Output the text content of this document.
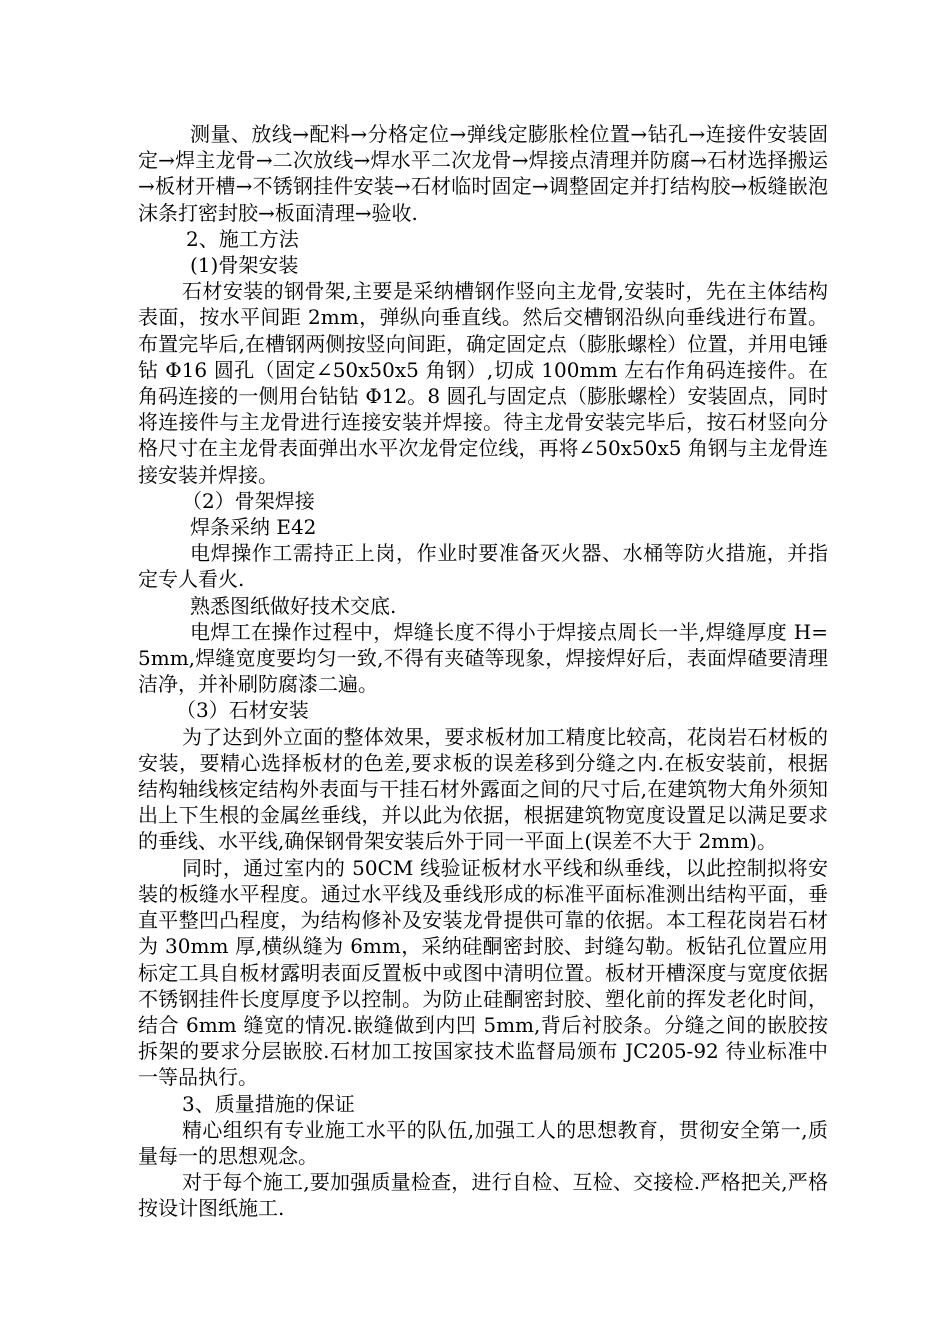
测量、放线→配料→分格定位→弹线定膨胀栓位置→钻孔→连接件安装固定→焊主龙骨→二次放线→焊水平二次龙骨→焊接点清理并防腐→石材选择搬运→板材开槽→不锈钢挂件安装→石材临时固定→调整固定并打结构胶→板缝嵌泡沫条打密封胶→板面清理→验收.

2、施工方法

(1)骨架安装

石材安装的钢骨架,主要是采纳槽钢作竖向主龙骨,安装时，先在主体结构表面，按水平间距 2mm，弹纵向垂直线。然后交槽钢沿纵向垂线进行布置。布置完毕后,在槽钢两侧按竖向间距，确定固定点（膨胀螺栓）位置，并用电锤钻 Φ16 圆孔（固定∠50x50x5 角钢）,切成 100mm 左右作角码连接件。在角码连接的一侧用台钻钻 Φ12。8 圆孔与固定点（膨胀螺栓）安装固点，同时将连接件与主龙骨进行连接安装并焊接。待主龙骨安装完毕后，按石材竖向分格尺寸在主龙骨表面弹出水平次龙骨定位线，再将∠50x50x5 角钢与主龙骨连接安装并焊接。

（2）骨架焊接

焊条采纳 E42

电焊操作工需持正上岗，作业时要准备灭火器、水桶等防火措施，并指定专人看火.

熟悉图纸做好技术交底.

电焊工在操作过程中，焊缝长度不得小于焊接点周长一半,焊缝厚度 H=5mm,焊缝宽度要均匀一致,不得有夹碴等现象，焊接焊好后，表面焊碴要清理洁净，并补刷防腐漆二遍。

（3）石材安装

为了达到外立面的整体效果，要求板材加工精度比较高，花岗岩石材板的安装，要精心选择板材的色差,要求板的误差移到分缝之内.在板安装前，根据结构轴线核定结构外表面与干挂石材外露面之间的尺寸后,在建筑物大角外须知出上下生根的金属丝垂线，并以此为依据，根据建筑物宽度设置足以满足要求的垂线、水平线,确保钢骨架安装后外于同一平面上(误差不大于 2mm)。

同时，通过室内的 50CM 线验证板材水平线和纵垂线，以此控制拟将安装的板缝水平程度。通过水平线及垂线形成的标准平面标准测出结构平面，垂直平整凹凸程度，为结构修补及安装龙骨提供可靠的依据。本工程花岗岩石材为 30mm 厚,横纵缝为 6mm，采纳硅酮密封胶、封缝勾勒。板钻孔位置应用标定工具自板材露明表面反置板中或图中清明位置。板材开槽深度与宽度依据不锈钢挂件长度厚度予以控制。为防止硅酮密封胶、塑化前的挥发老化时间，结合 6mm 缝宽的情况.嵌缝做到内凹 5mm,背后衬胶条。分缝之间的嵌胶按拆架的要求分层嵌胶.石材加工按国家技术监督局颁布 JC205-92 待业标准中一等品执行。

3、质量措施的保证

精心组织有专业施工水平的队伍,加强工人的思想教育，贯彻安全第一,质量每一的思想观念。

对于每个施工,要加强质量检查，进行自检、互检、交接检.严格把关,严格按设计图纸施工.
